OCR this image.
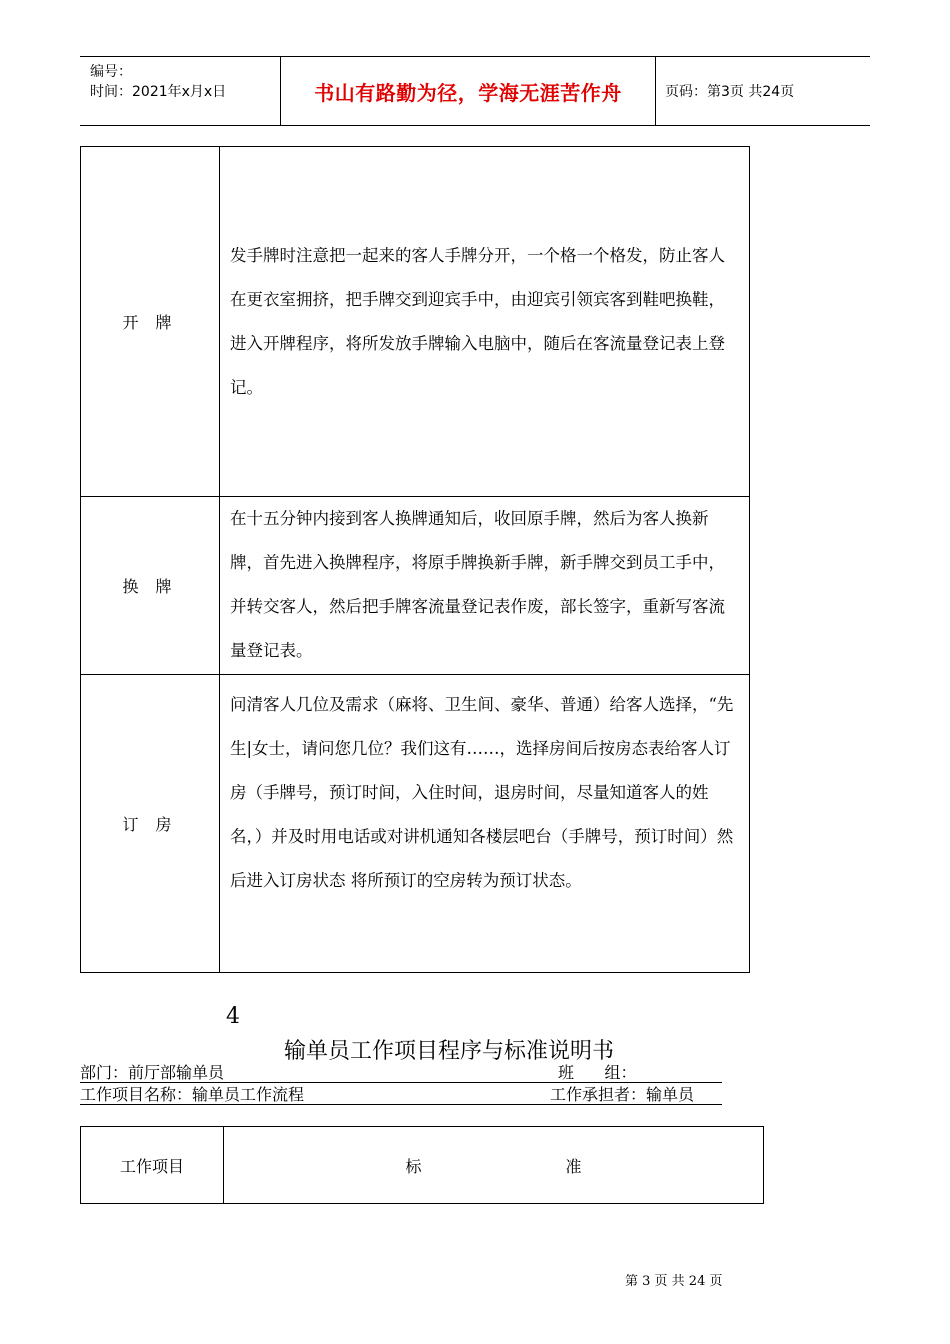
编号：
时间：2021年x月x日	书山有路勤为径，学海无涯苦作舟	页码：第3页 共24页
开 牌	发手牌时注意把一起来的客人手牌分开，一个格一个格发，防止客人在更衣室拥挤，把手牌交到迎宾手中，由迎宾引领宾客到鞋吧换鞋，进入开牌程序，将所发放手牌输入电脑中，随后在客流量登记表上登记。
换 牌	在十五分钟内接到客人换牌通知后，收回原手牌，然后为客人换新牌，首先进入换牌程序，将原手牌换新手牌，新手牌交到员工手中，并转交客人，然后把手牌客流量登记表作废，部长签字，重新写客流量登记表。
订 房	问清客人几位及需求（麻将、卫生间、豪华、普通）给客人选择，“先生|女士，请问您几位？我们这有……，选择房间后按房态表给客人订房（手牌号，预订时间，入住时间，退房时间，尽量知道客人的姓名，）并及时用电话或对讲机通知各楼层吧台（手牌号，预订时间）然后进入订房状态 将所预订的空房转为预订状态。
4
输单员工作项目程序与标准说明书
部门：前厅部输单员	班      组：
工作项目名称：输单员工作流程	工作承担者：输单员
工作项目	标	准
第 3 页 共 24 页
